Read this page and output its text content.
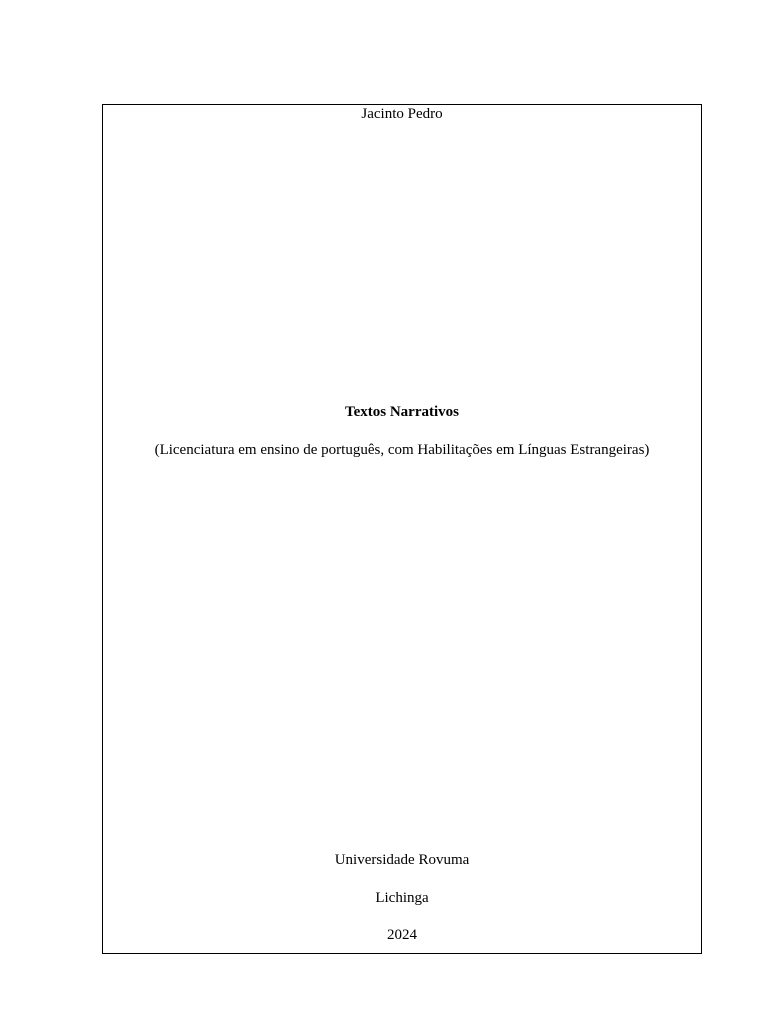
Jacinto Pedro
Textos Narrativos
(Licenciatura em ensino de português, com Habilitações em Línguas Estrangeiras)
Universidade Rovuma
Lichinga
2024
